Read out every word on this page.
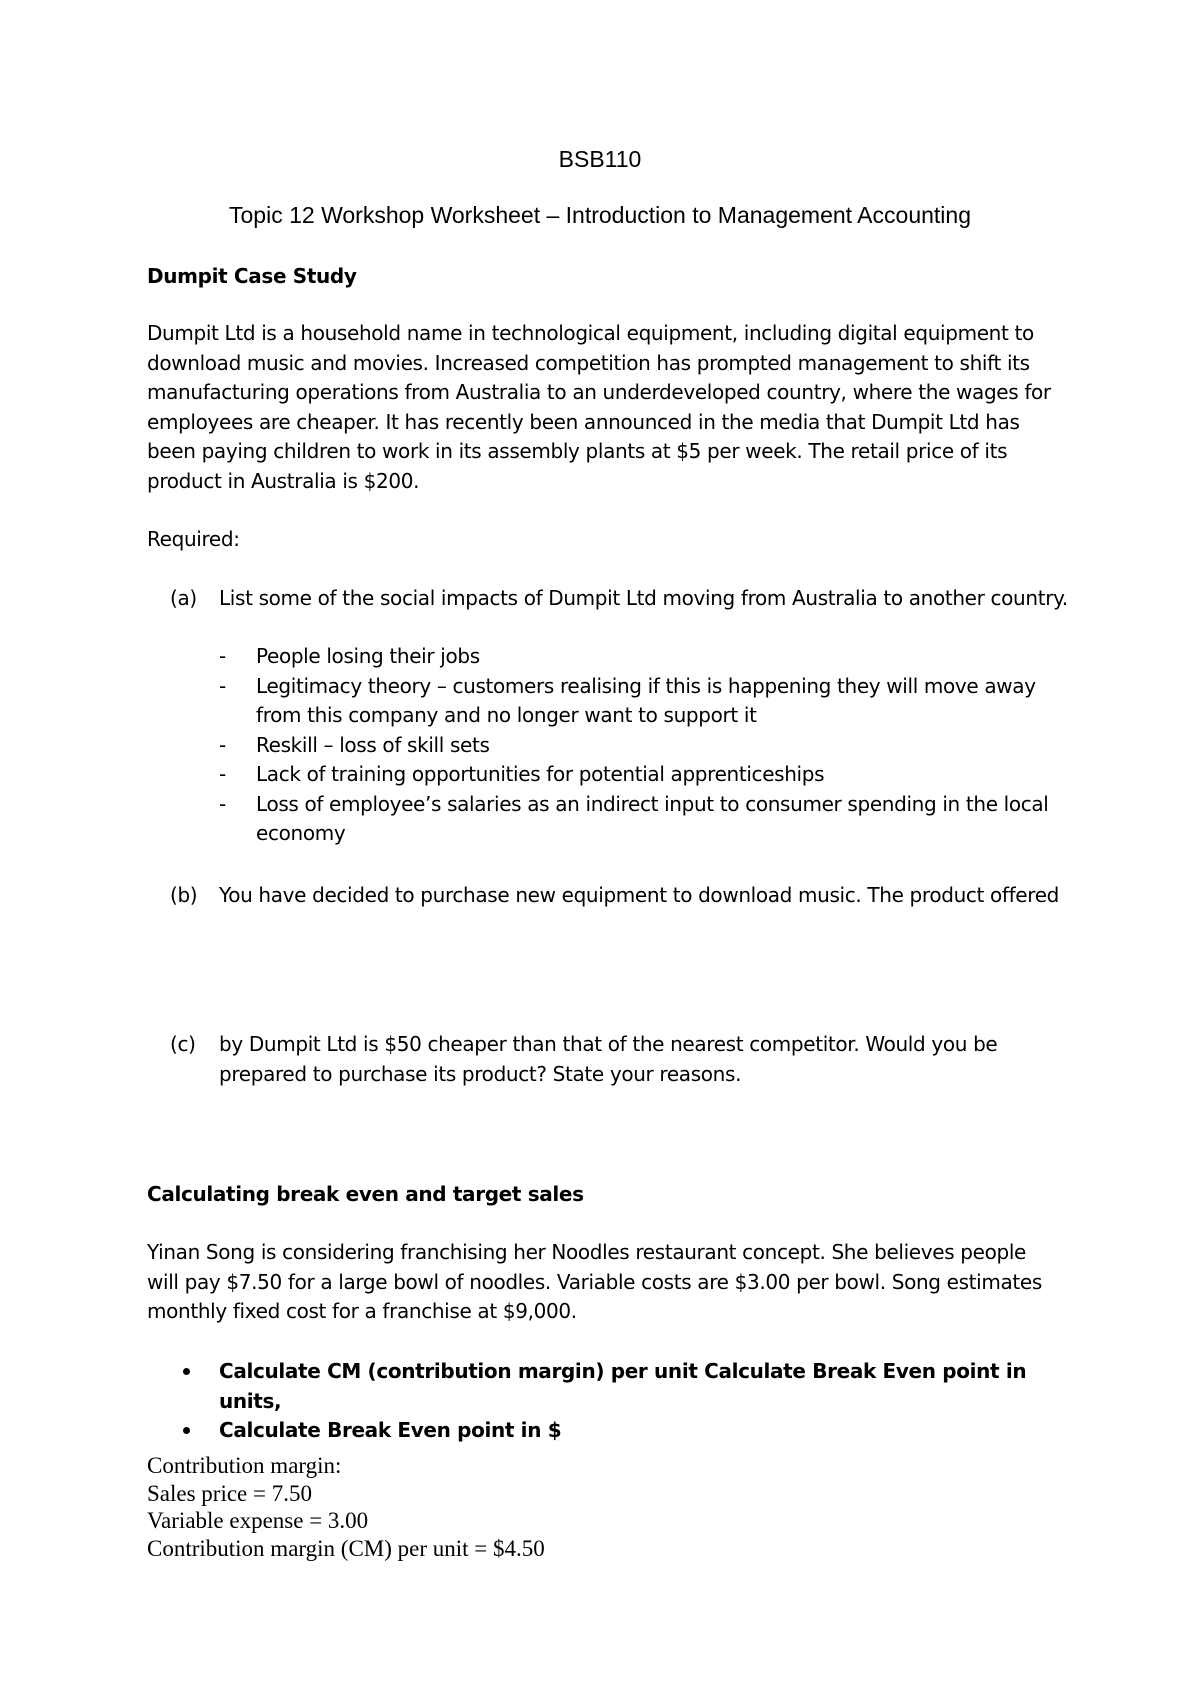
BSB110

Topic 12 Workshop Worksheet – Introduction to Management Accounting

Dumpit Case Study

Dumpit Ltd is a household name in technological equipment, including digital equipment to download music and movies. Increased competition has prompted management to shift its manufacturing operations from Australia to an underdeveloped country, where the wages for employees are cheaper. It has recently been announced in the media that Dumpit Ltd has been paying children to work in its assembly plants at $5 per week. The retail price of its product in Australia is $200.

Required:

(a) List some of the social impacts of Dumpit Ltd moving from Australia to another country.
- People losing their jobs
- Legitimacy theory – customers realising if this is happening they will move away from this company and no longer want to support it
- Reskill – loss of skill sets
- Lack of training opportunities for potential apprenticeships
- Loss of employee’s salaries as an indirect input to consumer spending in the local economy
(b) You have decided to purchase new equipment to download music. The product offered
(c) by Dumpit Ltd is $50 cheaper than that of the nearest competitor. Would you be prepared to purchase its product? State your reasons.

Calculating break even and target sales

Yinan Song is considering franchising her Noodles restaurant concept. She believes people will pay $7.50 for a large bowl of noodles. Variable costs are $3.00 per bowl. Song estimates monthly fixed cost for a franchise at $9,000.

Calculate CM (contribution margin) per unit Calculate Break Even point in units,
Calculate Break Even point in $
Contribution margin:
Sales price = 7.50
Variable expense = 3.00
Contribution margin (CM) per unit = $4.50
